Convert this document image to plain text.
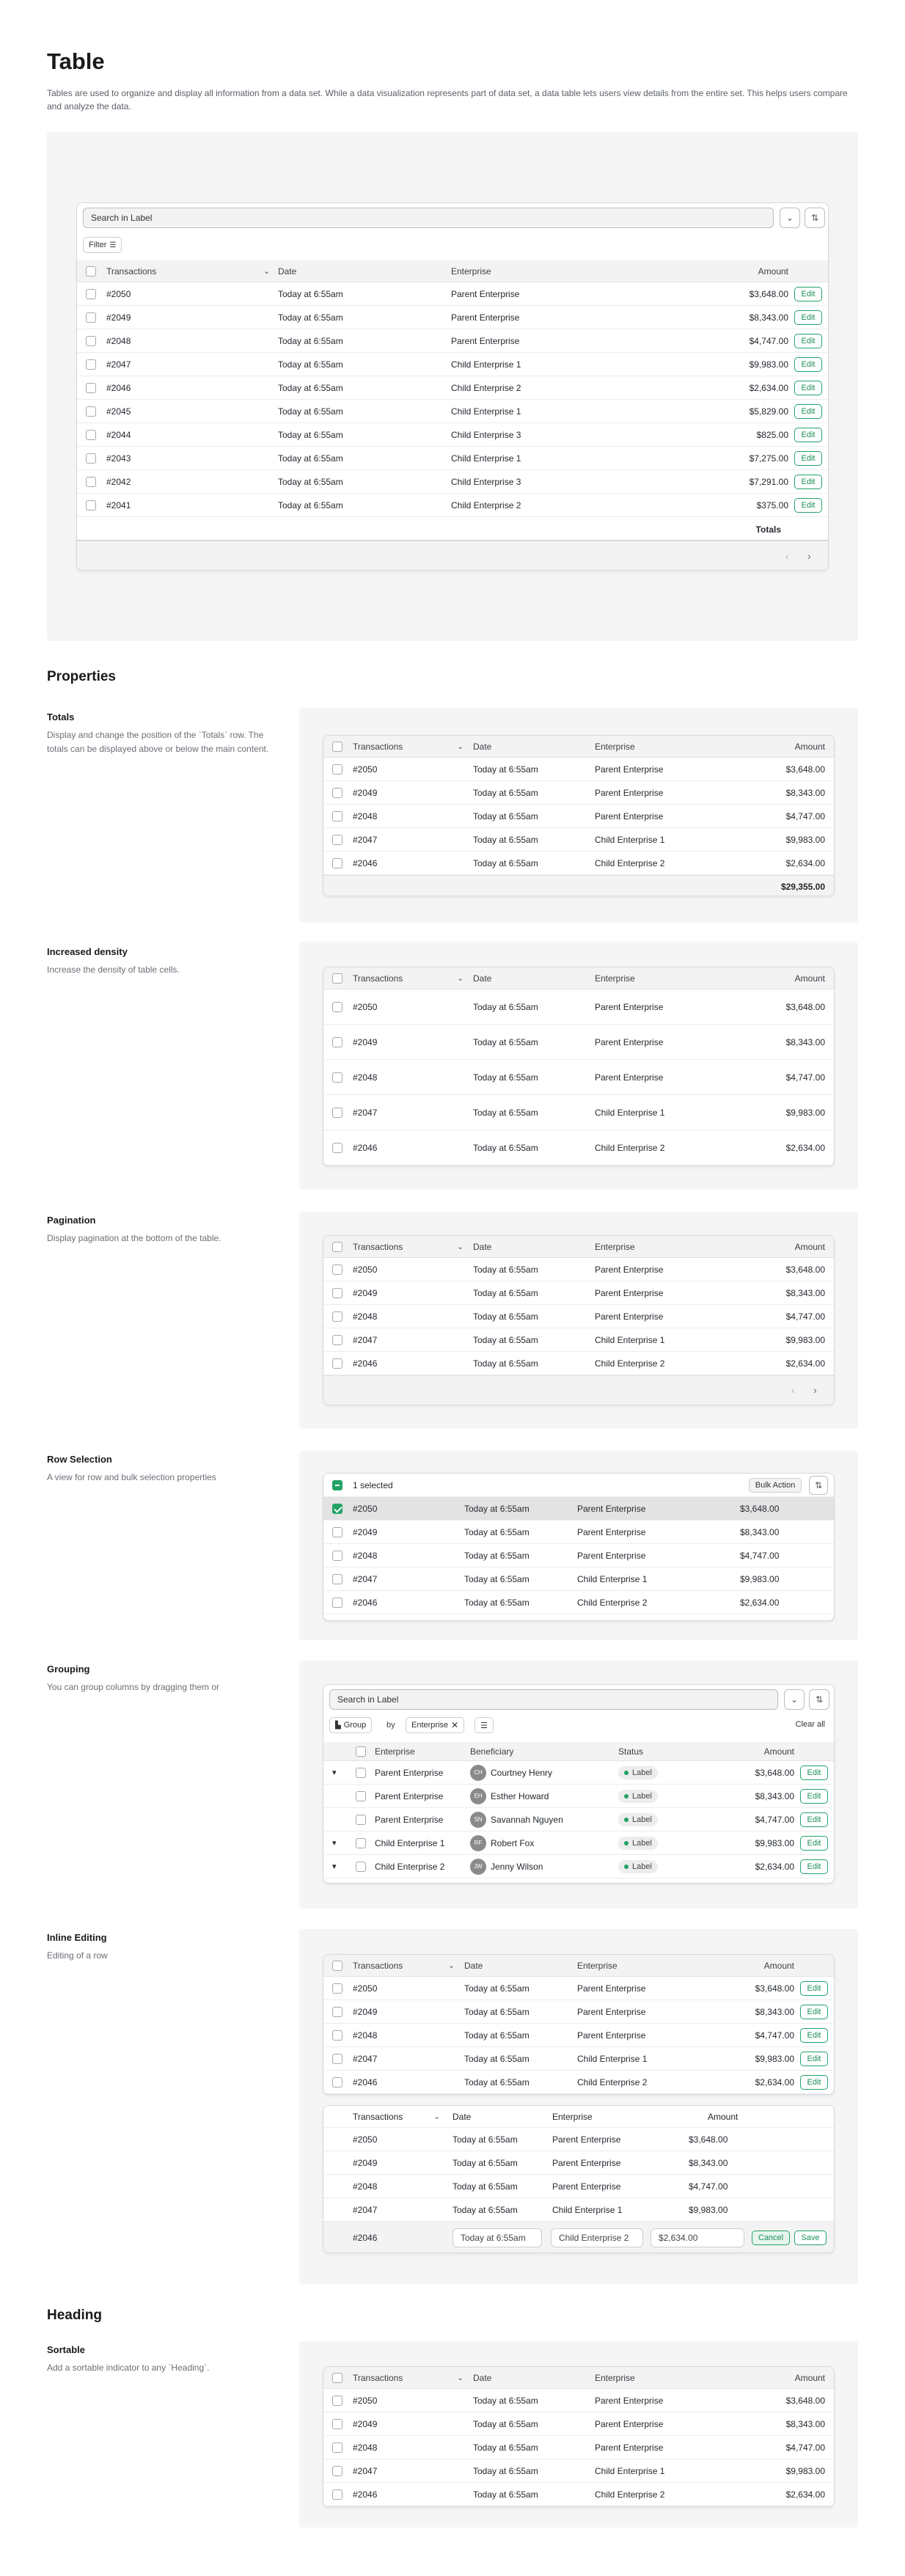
Table
Tables are used to organize and display all information from a data set. While a data visualization represents part of data set, a data table lets users view details from the entire set. This helps users compare and analyze the data.
Search in Label	⌄	⇅
Filter ☰
Transactions	⌄ Date	Enterprise	Amount
#2050	Today at 6:55am	Parent Enterprise	$3,648.00	Edit
#2049	Today at 6:55am	Parent Enterprise	$8,343.00	Edit
#2048	Today at 6:55am	Parent Enterprise	$4,747.00	Edit
#2047	Today at 6:55am	Child Enterprise 1	$9,983.00	Edit
#2046	Today at 6:55am	Child Enterprise 2	$2,634.00	Edit
#2045	Today at 6:55am	Child Enterprise 1	$5,829.00	Edit
#2044	Today at 6:55am	Child Enterprise 3	$825.00	Edit
#2043	Today at 6:55am	Child Enterprise 1	$7,275.00	Edit
#2042	Today at 6:55am	Child Enterprise 3	$7,291.00	Edit
#2041	Today at 6:55am	Child Enterprise 2	$375.00	Edit
Totals
‹ ›
Properties
Totals
Display and change the position of the `Totals` row. The totals can be displayed above or below the main content.	Transactions	⌄ Date	Enterprise	Amount
#2050	Today at 6:55am	Parent Enterprise	$3,648.00
#2049	Today at 6:55am	Parent Enterprise	$8,343.00
#2048	Today at 6:55am	Parent Enterprise	$4,747.00
#2047	Today at 6:55am	Child Enterprise 1	$9,983.00
#2046	Today at 6:55am	Child Enterprise 2	$2,634.00
$29,355.00
Increased density
Increase the density of table cells.
Transactions	⌄ Date	Enterprise	Amount
#2050	Today at 6:55am	Parent Enterprise	$3,648.00
#2049	Today at 6:55am	Parent Enterprise	$8,343.00
#2048	Today at 6:55am	Parent Enterprise	$4,747.00
#2047	Today at 6:55am	Child Enterprise 1	$9,983.00
#2046	Today at 6:55am	Child Enterprise 2	$2,634.00
Pagination
Display pagination at the bottom of the table.
Transactions	⌄ Date	Enterprise	Amount
#2050	Today at 6:55am	Parent Enterprise	$3,648.00
#2049	Today at 6:55am	Parent Enterprise	$8,343.00
#2048	Today at 6:55am	Parent Enterprise	$4,747.00
#2047	Today at 6:55am	Child Enterprise 1	$9,983.00
#2046	Today at 6:55am	Child Enterprise 2	$2,634.00
‹ ›
Row Selection
A view for row and bulk selection properties
1 selected	Bulk Action	⇅
#2050	Today at 6:55am	Parent Enterprise	$3,648.00
#2049	Today at 6:55am	Parent Enterprise	$8,343.00
#2048	Today at 6:55am	Parent Enterprise	$4,747.00
#2047	Today at 6:55am	Child Enterprise 1	$9,983.00
#2046	Today at 6:55am	Child Enterprise 2	$2,634.00
Grouping
You can group columns by dragging them or
Search in Label	⌄	⇅
▙ Group	by Enterprise ✕	☰	Clear all
Enterprise	Beneficiary	Status	Amount
▾	Parent Enterprise	CH Courtney Henry	Label	$3,648.00	Edit
Parent Enterprise	EH Esther Howard	Label	$8,343.00	Edit
Parent Enterprise	SN Savannah Nguyen	Label	$4,747.00	Edit
▾	Child Enterprise 1	RF Robert Fox	Label	$9,983.00	Edit
▾	Child Enterprise 2	JW Jenny Wilson	Label	$2,634.00	Edit
Inline Editing
Editing of a row
Transactions	⌄ Date	Enterprise	Amount
#2050	Today at 6:55am	Parent Enterprise	$3,648.00	Edit
#2049	Today at 6:55am	Parent Enterprise	$8,343.00	Edit
#2048	Today at 6:55am	Parent Enterprise	$4,747.00	Edit
#2047	Today at 6:55am	Child Enterprise 1	$9,983.00	Edit
#2046	Today at 6:55am	Child Enterprise 2	$2,634.00	Edit
Transactions	⌄ Date	Enterprise	Amount
#2050	Today at 6:55am	Parent Enterprise	$3,648.00
#2049	Today at 6:55am	Parent Enterprise	$8,343.00
#2048	Today at 6:55am	Parent Enterprise	$4,747.00
#2047	Today at 6:55am	Child Enterprise 1	$9,983.00
#2046	Today at 6:55am	Child Enterprise 2	$2,634.00	Cancel	Save
Heading
Sortable
Add a sortable indicator to any `Heading`.
Transactions	⌄ Date	Enterprise	Amount
#2050	Today at 6:55am	Parent Enterprise	$3,648.00
#2049	Today at 6:55am	Parent Enterprise	$8,343.00
#2048	Today at 6:55am	Parent Enterprise	$4,747.00
#2047	Today at 6:55am	Child Enterprise 1	$9,983.00
#2046	Today at 6:55am	Child Enterprise 2	$2,634.00
